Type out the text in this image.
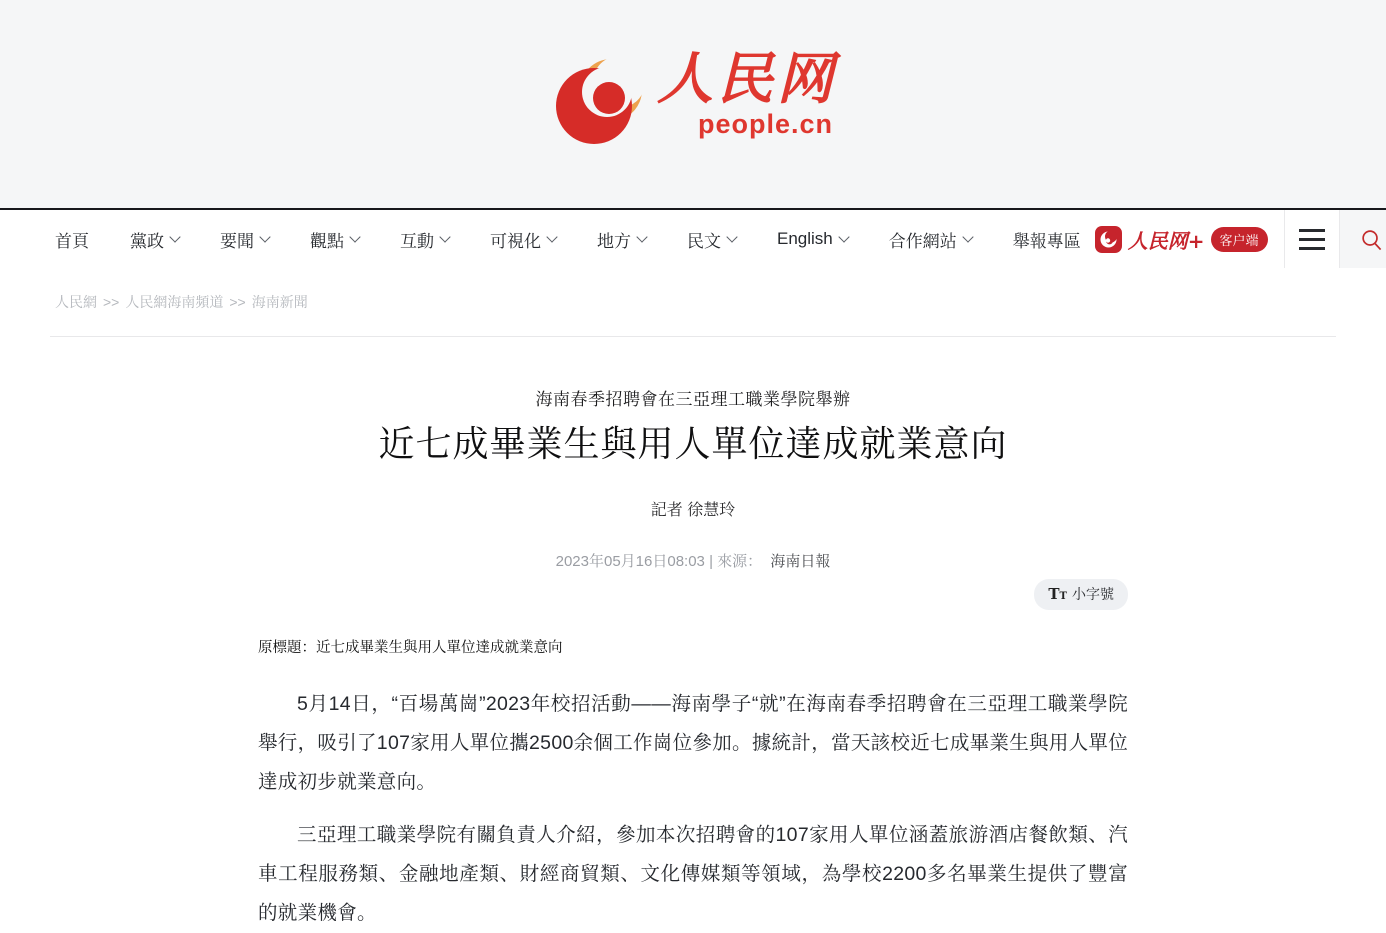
人民网
people.cn
首頁 黨政	要聞	觀點	互動	可視化	地方	民文	English	合作網站	舉報專區 人民网+	客户端
人民網 >> 人民網海南頻道 >> 海南新聞
海南春季招聘會在三亞理工職業學院舉辦
近七成畢業生與用人單位達成就業意向
記者 徐慧玲
2023年05月16日08:03 | 來源： 海南日報
TT 小字號
原標題：近七成畢業生與用人單位達成就業意向

5月14日，“百場萬崗”2023年校招活動——海南學子“就”在海南春季招聘會在三亞理工職業學院舉行，吸引了107家用人單位攜2500余個工作崗位參加。據統計，當天該校近七成畢業生與用人單位達成初步就業意向。

三亞理工職業學院有關負責人介紹，參加本次招聘會的107家用人單位涵蓋旅游酒店餐飲類、汽車工程服務類、金融地產類、財經商貿類、文化傳媒類等領域，為學校2200多名畢業生提供了豐富的就業機會。
